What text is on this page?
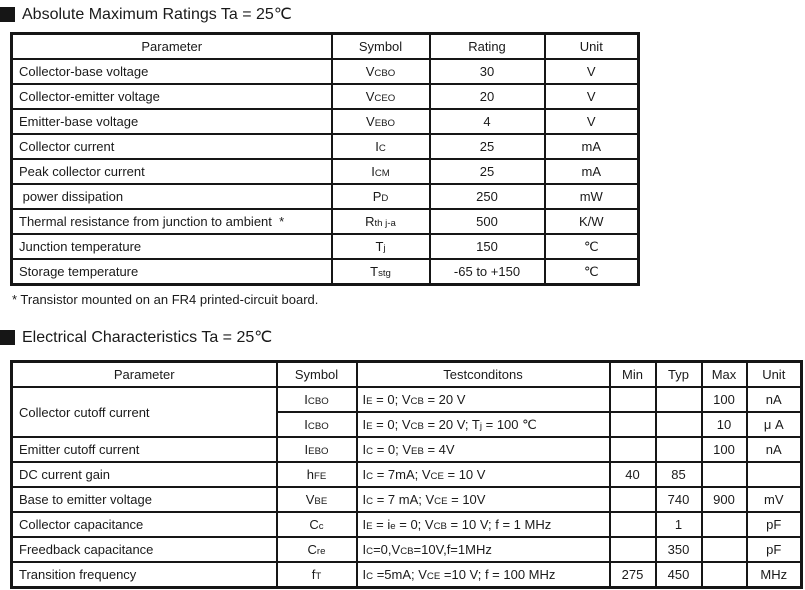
Absolute Maximum Ratings Ta = 25℃
Parameter	Symbol	Rating	Unit
Collector-base voltage	VCBO	30	V
Collector-emitter voltage	VCEO	20	V
Emitter-base voltage	VEBO	4	V
Collector current	IC	25	mA
Peak collector current	ICM	25	mA
power dissipation	PD	250	mW
Thermal resistance from junction to ambient  *	Rth j-a	500	K/W
Junction temperature	Tj	150	℃
Storage temperature	Tstg	-65 to +150	℃
* Transistor mounted on an FR4 printed-circuit board.
Electrical Characteristics Ta = 25℃
Parameter	Symbol	Testconditons	Min	Typ	Max	Unit
Collector cutoff current	ICBO	IE = 0; VCB = 20 V			100	nA
	ICBO	IE = 0; VCB = 20 V; Tj = 100 ℃			10	μ A
Emitter cutoff current	IEBO	IC = 0; VEB = 4V			100	nA
DC current gain	hFE	IC = 7mA; VCE = 10 V	40	85		
Base to emitter voltage	VBE	IC = 7 mA; VCE = 10V		740	900	mV
Collector capacitance	Cc	IE = ie = 0; VCB = 10 V; f = 1 MHz		1		pF
Freedback capacitance	Cre	IC=0,VCB=10V,f=1MHz		350		pF
Transition frequency	fT	IC =5mA; VCE =10 V; f = 100 MHz	275	450		MHz
